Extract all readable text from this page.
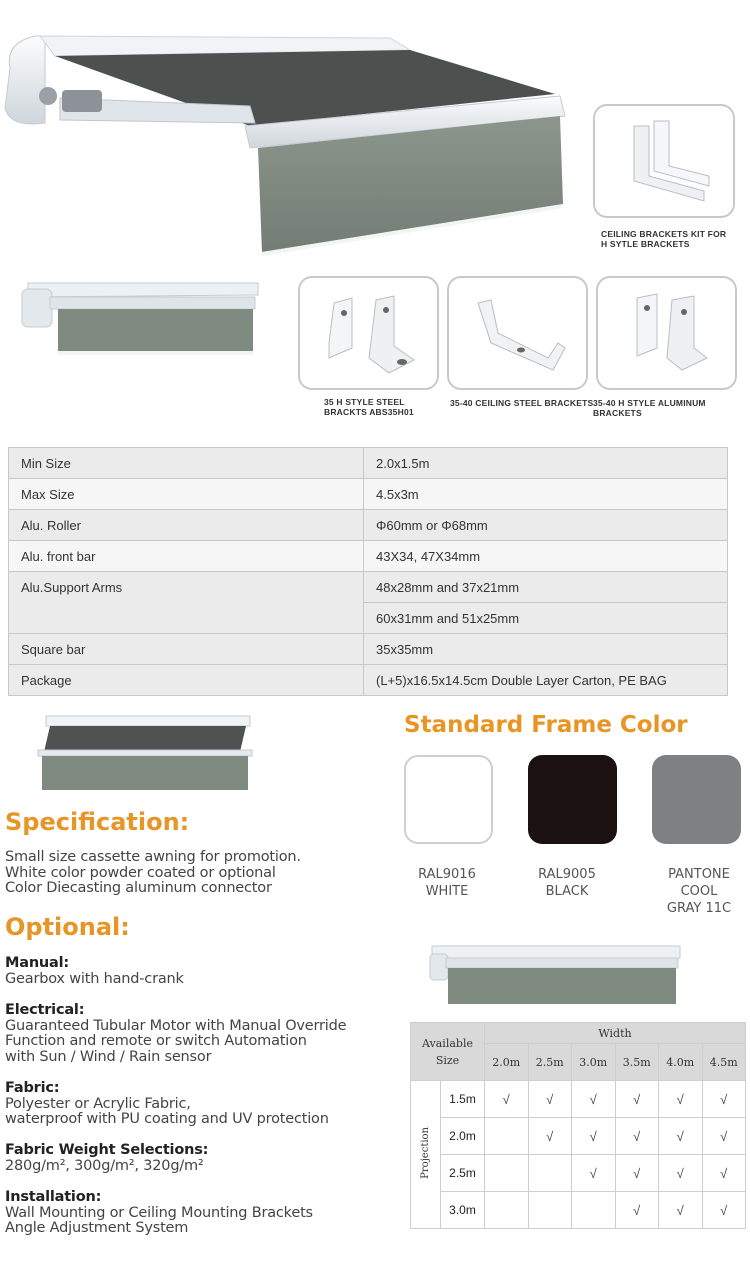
CEILING BRACKETS KIT FOR
H SYTLE BRACKETS
35 H STYLE STEEL
BRACKTS ABS35H01
35-40 CEILING STEEL BRACKETS 35-40 H STYLE ALUMINUM BRACKETS
Min Size	2.0x1.5m
Max Size	4.5x3m
Alu. Roller	Φ60mm or Φ68mm
Alu. front bar	43X34, 47X34mm
Alu.Support Arms	48x28mm and 37x21mm
	60x31mm and 51x25mm
Square bar	35x35mm
Package	(L+5)x16.5x14.5cm Double Layer Carton, PE BAG
Standard Frame Color
RAL9016
WHITE
RAL9005
BLACK
PANTONE
COOL
GRAY 11C
Specification:
Small size cassette awning for promotion.
White color powder coated or optional
Color Diecasting aluminum connector
Optional:
Manual:
Gearbox with hand-crank
Electrical:
Guaranteed Tubular Motor with Manual Override
Function and remote or switch Automation
with Sun / Wind / Rain sensor
Fabric:
Polyester or Acrylic Fabric,
waterproof with PU coating and UV protection
Fabric Weight Selections:
280g/m², 300g/m², 320g/m²
Installation:
Wall Mounting or Ceiling Mounting Brackets
Angle Adjustment System
Available
Size		Width					
		2.0m	2.5m	3.0m	3.5m	4.0m	4.5m
Projection	1.5m	√	√	√	√	√	√
	2.0m		√	√	√	√	√
	2.5m			√	√	√	√
	3.0m				√	√	√
